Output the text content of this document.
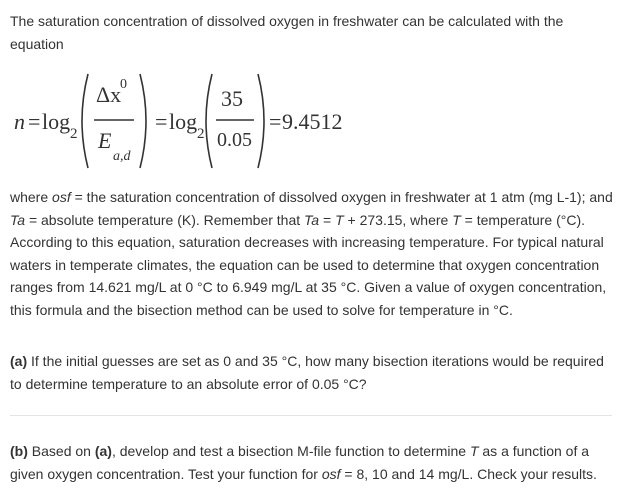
The saturation concentration of dissolved oxygen in freshwater can be calculated with the equation

n = log 2
Δx
0
E
a,d
= log 2
35
0.05
= 9.4512

where osf = the saturation concentration of dissolved oxygen in freshwater at 1 atm (mg L-1); and Ta = absolute temperature (K). Remember that Ta = T + 273.15, where T = temperature (°C). According to this equation, saturation decreases with increasing temperature. For typical natural waters in temperate climates, the equation can be used to determine that oxygen concentration ranges from 14.621 mg/L at 0 °C to 6.949 mg/L at 35 °C. Given a value of oxygen concentration, this formula and the bisection method can be used to solve for temperature in °C.

(a) If the initial guesses are set as 0 and 35 °C, how many bisection iterations would be required to determine temperature to an absolute error of 0.05 °C?

(b) Based on (a), develop and test a bisection M-file function to determine T as a function of a given oxygen concentration. Test your function for osf = 8, 10 and 14 mg/L. Check your results.
